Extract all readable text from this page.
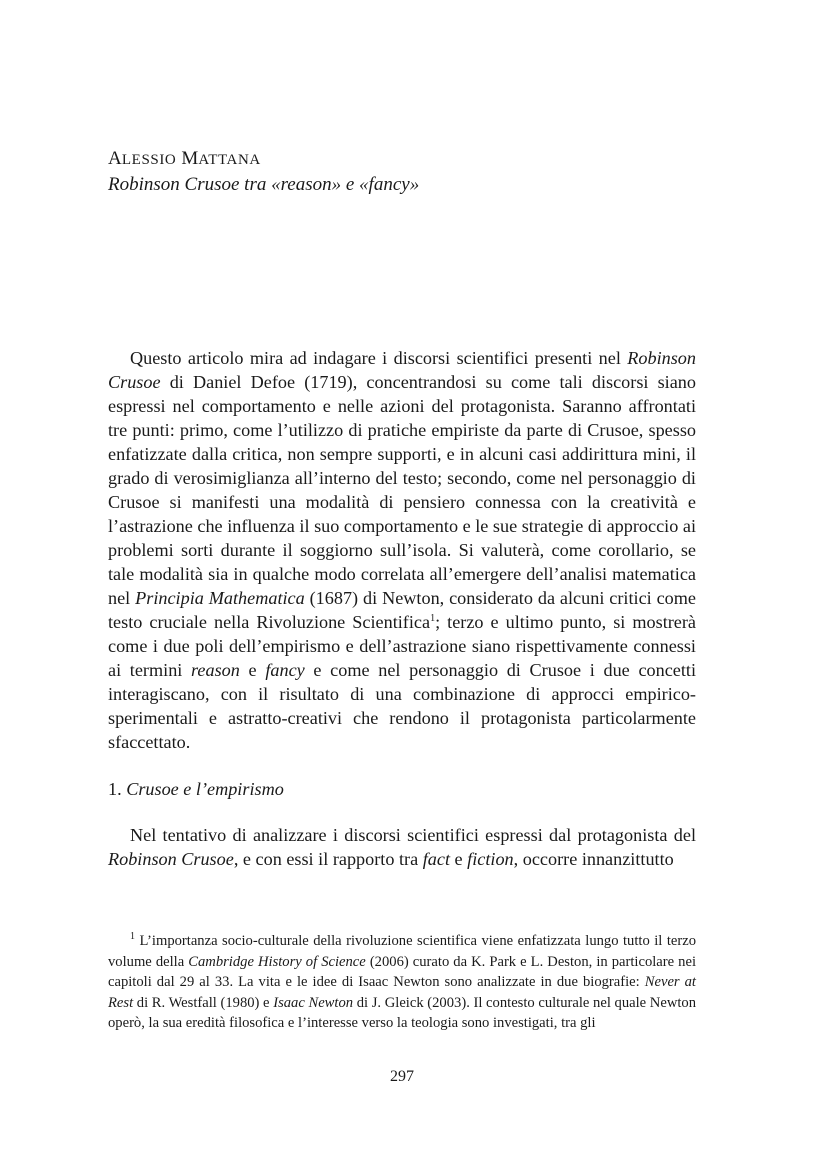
ALESSIO MATTANA
Robinson Crusoe tra «reason» e «fancy»

Questo articolo mira ad indagare i discorsi scientifici presenti nel Robinson Crusoe di Daniel Defoe (1719), concentrandosi su come tali discorsi siano espressi nel comportamento e nelle azioni del protagonista. Saranno affrontati tre punti: primo, come l’utilizzo di pratiche empiriste da parte di Crusoe, spesso enfatizzate dalla critica, non sempre supporti, e in alcuni casi addirittura mini, il grado di verosimiglianza all’interno del testo; secondo, come nel personaggio di Crusoe si manifesti una modalità di pensiero connessa con la creatività e l’astrazione che influenza il suo comportamento e le sue strategie di approccio ai problemi sorti durante il soggiorno sull’isola. Si valuterà, come corollario, se tale modalità sia in qualche modo correlata all’emergere dell’analisi matematica nel Principia Mathematica (1687) di Newton, considerato da alcuni critici come testo cruciale nella Rivoluzione Scientifica$^1$; terzo e ultimo punto, si mostrerà come i due poli dell’empirismo e dell’astrazione siano rispettivamente connessi ai termini reason e fancy e come nel personaggio di Crusoe i due concetti interagiscano, con il risultato di una combinazione di approcci empirico-sperimentali e astratto-creativi che rendono il protagonista particolarmente sfaccettato.

1. Crusoe e l’empirismo

Nel tentativo di analizzare i discorsi scientifici espressi dal protagonista del Robinson Crusoe, e con essi il rapporto tra fact e fiction, occorre innanzittutto

$^1$ L’importanza socio-culturale della rivoluzione scientifica viene enfatizzata lungo tutto il terzo volume della Cambridge History of Science (2006) curato da K. Park e L. Deston, in particolare nei capitoli dal 29 al 33. La vita e le idee di Isaac Newton sono analizzate in due biografie: Never at Rest di R. Westfall (1980) e Isaac Newton di J. Gleick (2003). Il contesto culturale nel quale Newton operò, la sua eredità filosofica e l’interesse verso la teologia sono investigati, tra gli

297
